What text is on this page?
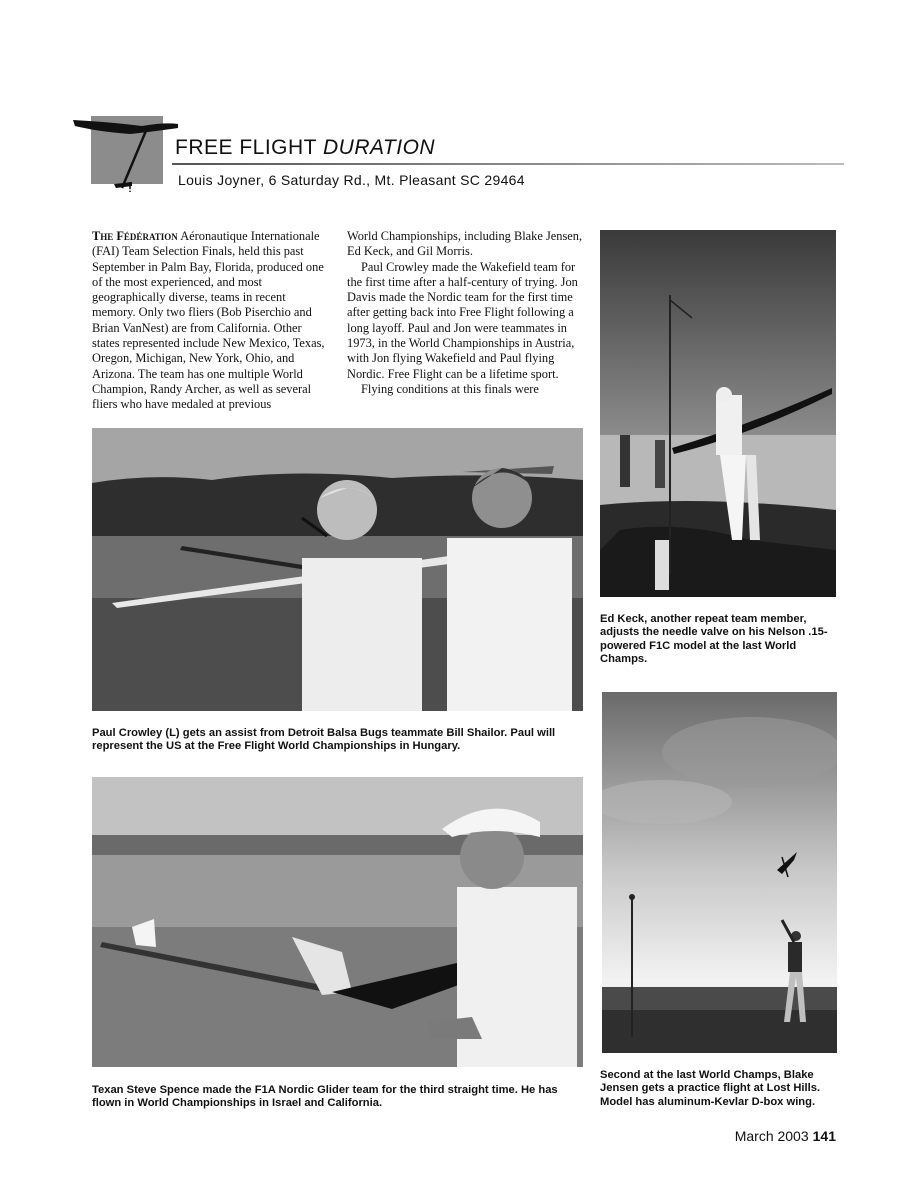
FREE FLIGHT DURATION
Louis Joyner, 6 Saturday Rd., Mt. Pleasant SC 29464

The Fédération Aéronautique Internationale (FAI) Team Selection Finals, held this past September in Palm Bay, Florida, produced one of the most experienced, and most geographically diverse, teams in recent memory. Only two fliers (Bob Piserchio and Brian VanNest) are from California. Other states represented include New Mexico, Texas, Oregon, Michigan, New York, Ohio, and Arizona. The team has one multiple World Champion, Randy Archer, as well as several fliers who have medaled at previous

World Championships, including Blake Jensen, Ed Keck, and Gil Morris.

Paul Crowley made the Wakefield team for the first time after a half-century of trying. Jon Davis made the Nordic team for the first time after getting back into Free Flight following a long layoff. Paul and Jon were teammates in 1973, in the World Championships in Austria, with Jon flying Wakefield and Paul flying Nordic. Free Flight can be a lifetime sport.

Flying conditions at this finals were

Ed Keck, another repeat team member, adjusts the needle valve on his Nelson .15-powered F1C model at the last World Champs.
Paul Crowley (L) gets an assist from Detroit Balsa Bugs teammate Bill Shailor. Paul will represent the US at the Free Flight World Championships in Hungary.
Second at the last World Champs, Blake Jensen gets a practice flight at Lost Hills. Model has aluminum-Kevlar D-box wing.
Texan Steve Spence made the F1A Nordic Glider team for the third straight time. He has flown in World Championships in Israel and California.
March 2003 141
